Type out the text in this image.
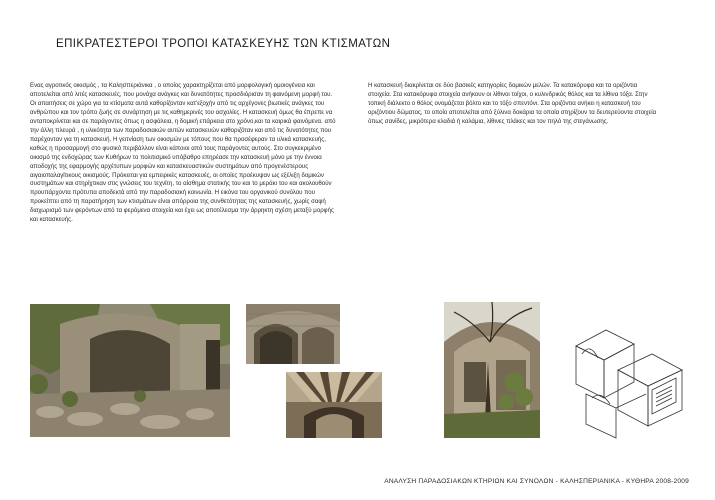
ΕΠΙΚΡΑΤΕΣΤΕΡΟΙ ΤΡΟΠΟΙ ΚΑΤΑΣΚΕΥΗΣ ΤΩΝ ΚΤΙΣΜΑΤΩΝ
Ενας αγροτικός οικισμός , τα Καλησπεριάνικα , ο οποίος χαρακτηρίζεται από μορφολογική ομοιογένεια και αποτελείται από λιτές κατασκευές, που μονάχα ανάγκες και δυνατότητες προσδιόρισαν τη φαινόμενη μορφή του. Οι απαιτήσεις σε χώρο για τα κτίσματα αυτά καθορίζονταν κατ'εξοχήν από τις αρχέγονες βιωτικές ανάγκες του ανθρώπου και τον τρόπο ζωής σε συνάρτηση με τις καθημερινές του ασχολίες. Η κατασκευή όμως θα έπρεπε να ανταποκρίνεται και σε παράγοντες όπως η ασφάλεια, η δομική επάρκεια στο χρόνο,και τα καιρικά φαινόμενα. από την άλλη πλευρά , η υλικότητα των παραδοσιακών αυτών κατασκευών καθοριζόταν και από τις δυνατότητες που παρέχονταν για τη κατασκευή. Η γειτνίαση των οικισμών με τόπους που θα προσέφεραν τα υλικά κατασκευής, καθώς η προσαρμογή στο φυσικό περιβάλλον είναι κάποιοι από τους παράγοντες αυτούς. Στο συγκεκριμένο οικισμό της ενδοχώρας των Κυθήρων το πολιτισμικό υπόβαθρο επηρέασε την κατασκευή μόνο με την έννοια αποδοχής της εφαρμογής αρχέτυπων μορφών και κατασκευαστικών συστημάτων από προγενέστερους αιγαιοπαλαγίτικους οικισμούς. Πρόκειται για εμπειρικές κατασκευές, οι οποίες προέκυψαν ως εξέλιξη δομικών συστημάτων και στηρίχτικαν στις γνώσεις του τεχνίτη, το αίσθημα στατικής του και το μεράκι του και ακολουθούν προυπάρχοντα πρότυπα αποδεκτά από την παραδοσιακή κοινωνία. Η εικόνα του οργανικού συνόλου που προκείπτει από τη παρατήρηση των κτισμάτων είναι απόρροια της συνθετότητας της κατασκευής, χωρίς σαφή διαχωρισμό των φερόντων από τα φερόμενα στοιχεία και έχει ως αποτέλεσμα την άρρηκτη σχέση μεταξύ μορφής και κατασκευής.
Η κατασκευή διακρίνεται σε δύο βασικές κατηγορίες δομικών μελών. Τα κατακόρυφα και τα οριζόντια στοιχεία. Στα κατακόρυφα στοιχεία ανήκουν οι λίθινοι τοίχοι, ο κυλινδρικός θόλος και τα λίθινα τόξα. Στην τοπική διάλεκτο ο θόλος ονομάζεται βόλτο και το τόξο σπεντόνι. Στα οριζόντια ανήκει η κατασκευή του οριζόντιου δώματος, το οποίο αποτελείται από ξύλινα δοκάρια τα οποία στηρίζουν τα δευτερεύοντα στοιχεία όπως σανίδες, μικρότερα κλαδιά ή καλάμια, λίθινες πλάκες και τον πηλό της στεγάνωσης.
ΑΝΑΛΥΣΗ ΠΑΡΑΔΟΣΙΑΚΩΝ ΚΤΗΡΙΩΝ ΚΑΙ ΣΥΝΟΛΩΝ - ΚΑΛΗΣΠΕΡΙΑΝΙΚΑ - ΚΥΘΗΡΑ 2008-2009
